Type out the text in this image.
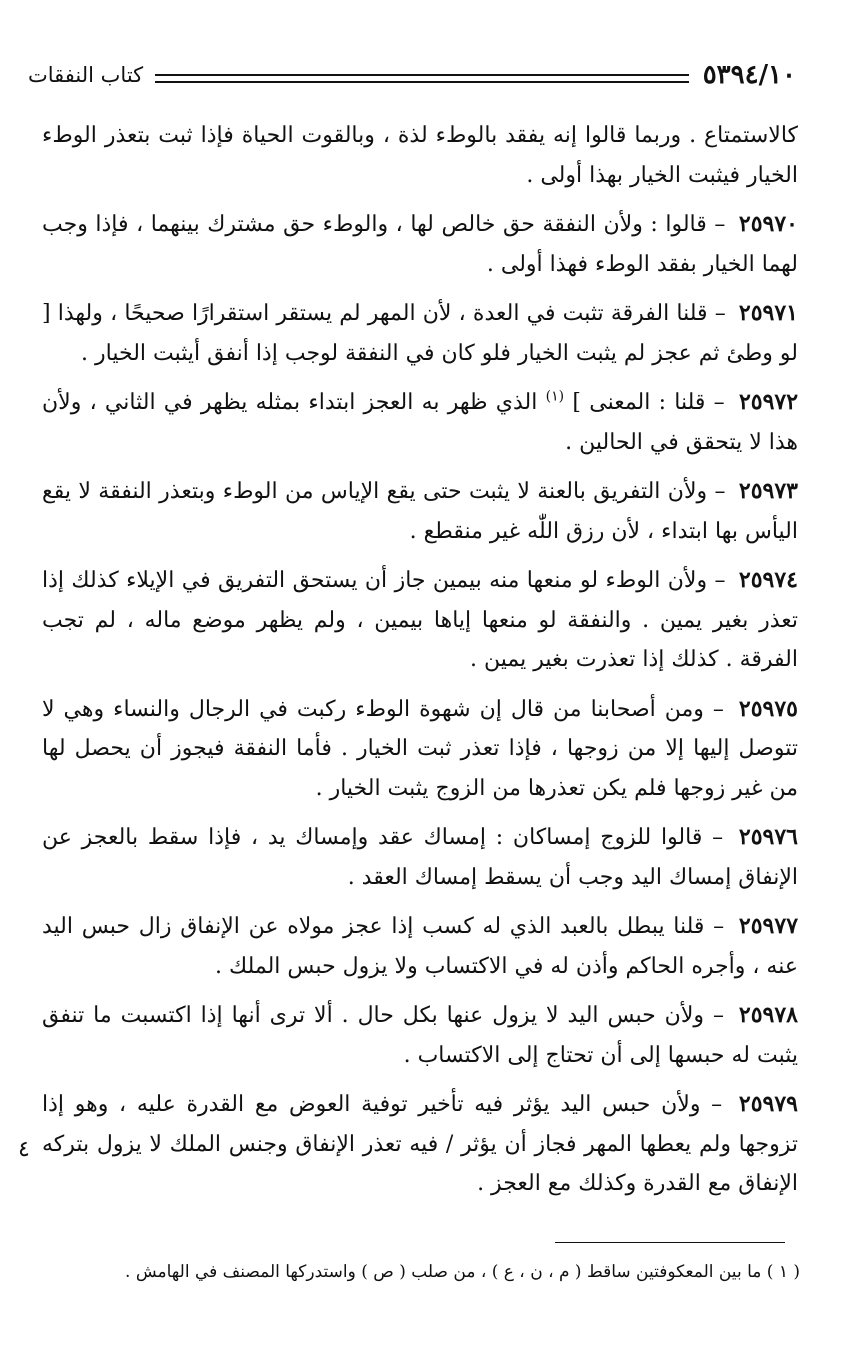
٥٣٩٤/١٠
كتاب النفقات

كالاستمتاع . وربما قالوا إنه يفقد بالوطء لذة ، وبالقوت الحياة فإذا ثبت بتعذر الوطء الخيار فيثبت الخيار بهذا أولى .

٢٥٩٧٠ – قالوا : ولأن النفقة حق خالص لها ، والوطء حق مشترك بينهما ، فإذا وجب لهما الخيار بفقد الوطء فهذا أولى .

٢٥٩٧١ – قلنا الفرقة تثبت في العدة ، لأن المهر لم يستقر استقرارًا صحيحًا ، ولهذا [ لو وطئ ثم عجز لم يثبت الخيار فلو كان في النفقة لوجب إذا أنفق أيثبت الخيار .

٢٥٩٧٢ – قلنا : المعنى ] $^{(١)}$ الذي ظهر به العجز ابتداء بمثله يظهر في الثاني ، ولأن هذا لا يتحقق في الحالين .

٢٥٩٧٣ – ولأن التفريق بالعنة لا يثبت حتى يقع الإياس من الوطء وبتعذر النفقة لا يقع اليأس بها ابتداء ، لأن رزق اللّٰه غير منقطع .

٢٥٩٧٤ – ولأن الوطء لو منعها منه بيمين جاز أن يستحق التفريق في الإيلاء كذلك إذا تعذر بغير يمين . والنفقة لو منعها إياها بيمين ، ولم يظهر موضع ماله ، لم تجب الفرقة . كذلك إذا تعذرت بغير يمين .

٢٥٩٧٥ – ومن أصحابنا من قال إن شهوة الوطء ركبت في الرجال والنساء وهي لا تتوصل إليها إلا من زوجها ، فإذا تعذر ثبت الخيار . فأما النفقة فيجوز أن يحصل لها من غير زوجها فلم يكن تعذرها من الزوج يثبت الخيار .

٢٥٩٧٦ – قالوا للزوج إمساكان : إمساك عقد وإمساك يد ، فإذا سقط بالعجز عن الإنفاق إمساك اليد وجب أن يسقط إمساك العقد .

٢٥٩٧٧ – قلنا يبطل بالعبد الذي له كسب إذا عجز مولاه عن الإنفاق زال حبس اليد عنه ، وأجره الحاكم وأذن له في الاكتساب ولا يزول حبس الملك .

٢٥٩٧٨ – ولأن حبس اليد لا يزول عنها بكل حال . ألا ترى أنها إذا اكتسبت ما تنفق يثبت له حبسها إلى أن تحتاج إلى الاكتساب .

٢٥٩٧٩ – ولأن حبس اليد يؤثر فيه تأخير توفية العوض مع القدرة عليه ، وهو إذا تزوجها ولم يعطها المهر فجاز أن يؤثر / فيه تعذر الإنفاق وجنس الملك لا يزول بتركه الإنفاق مع القدرة وكذلك مع العجز .

٤
( ١ ) ما بين المعكوفتين ساقط ( م ، ن ، ع ) ، من صلب ( ص ) واستدركها المصنف في الهامش .
